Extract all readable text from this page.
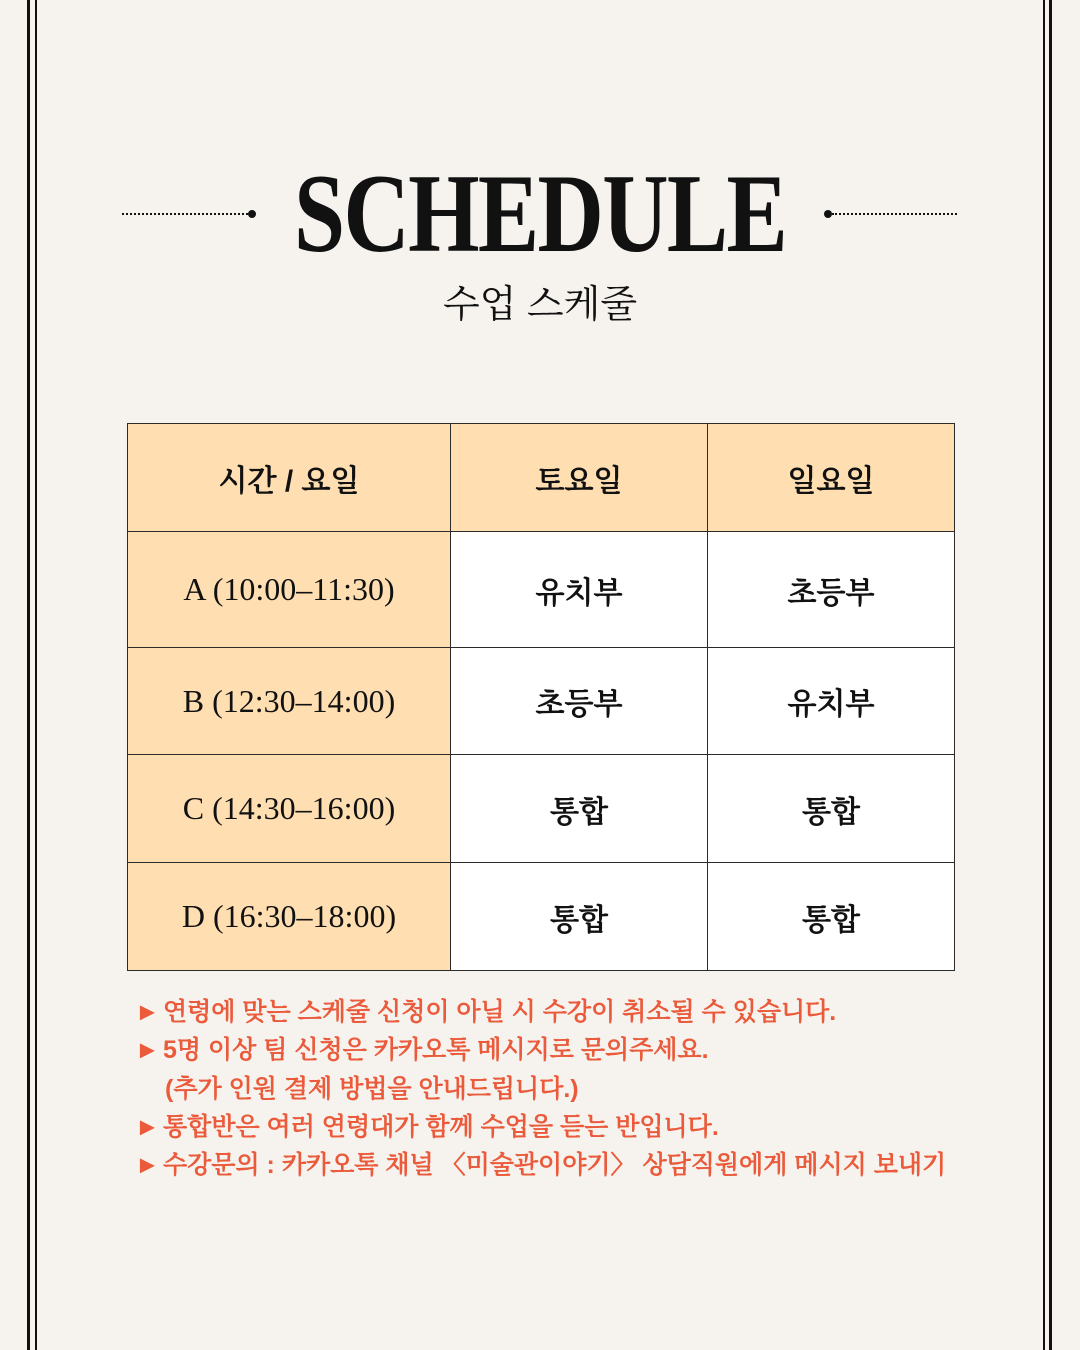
SCHEDULE
수업 스케줄
시간 / 요일	토요일	일요일
A (10:00–11:30)	유치부	초등부
B (12:30–14:00)	초등부	유치부
C (14:30–16:00)	통합	통합
D (16:30–18:00)	통합	통합
► 연령에 맞는 스케줄 신청이 아닐 시 수강이 취소될 수 있습니다.
► 5명 이상 팀 신청은 카카오톡 메시지로 문의주세요.
(추가 인원 결제 방법을 안내드립니다.)
► 통합반은 여러 연령대가 함께 수업을 듣는 반입니다.
► 수강문의 : 카카오톡 채널 〈미술관이야기〉 상담직원에게 메시지 보내기
